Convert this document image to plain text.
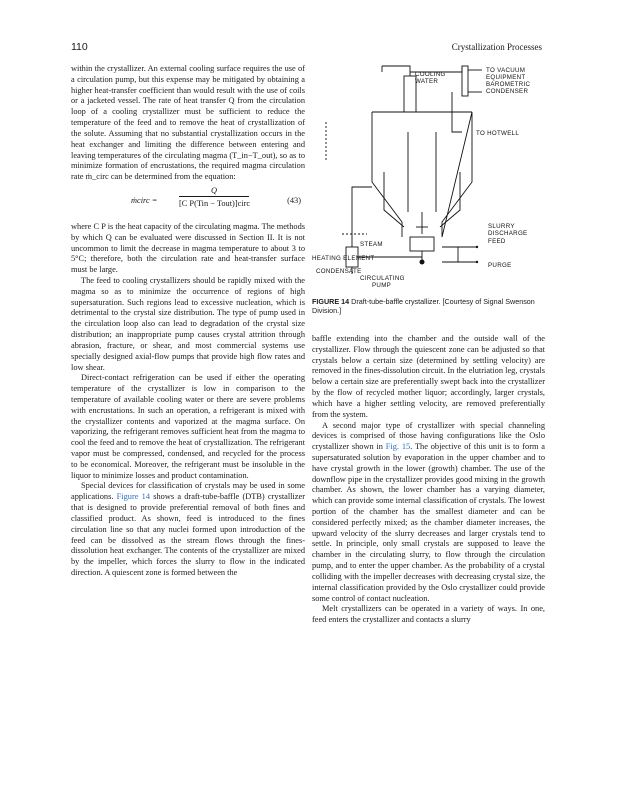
110	Crystallization Processes

within the crystallizer. An external cooling surface requires the use of a circulation pump, but this expense may be mitigated by obtaining a higher heat-transfer coefficient than would result with the use of coils or a jacketed vessel. The rate of heat transfer Q from the circulation loop of a cooling crystallizer must be sufficient to reduce the temperature of the feed and to remove the heat of crystallization of the solute. Assuming that no substantial crystallization occurs in the heat exchanger and limiting the difference between entering and leaving temperatures of the circulating magma (T_in−T_out), so as to minimize formation of encrustations, the required magma circulation rate ṁ_circ can be determined from the equation:

ṁcirc =
Q
[C P(Tin − Tout)]circ	(43)

where C P is the heat capacity of the circulating magma. The methods by which Q can be evaluated were discussed in Section II. It is not uncommon to limit the decrease in magma temperature to about 3 to 5°C; therefore, both the circulation rate and heat-transfer surface must be large.

The feed to cooling crystallizers should be rapidly mixed with the magma so as to minimize the occurrence of regions of high supersaturation. Such regions lead to excessive nucleation, which is detrimental to the crystal size distribution. The type of pump used in the circulation loop also can lead to degradation of the crystal size distribution; an inappropriate pump causes crystal attrition through abrasion, fracture, or shear, and most commercial systems use specially designed axial-flow pumps that provide high flow rates and low shear.

Direct-contact refrigeration can be used if either the operating temperature of the crystallizer is low in comparison to the temperature of available cooling water or there are severe problems with encrustations. In such an operation, a refrigerant is mixed with the crystallizer contents and vaporized at the magma surface. On vaporizing, the refrigerant removes sufficient heat from the magma to cool the feed and to remove the heat of crystallization. The refrigerant vapor must be compressed, condensed, and recycled for the process to be economical. Moreover, the refrigerant must be insoluble in the liquor to minimize losses and product contamination.

Special devices for classification of crystals may be used in some applications. Figure 14 shows a draft-tube-baffle (DTB) crystallizer that is designed to provide preferential removal of both fines and classified product. As shown, feed is introduced to the fines circulation line so that any nuclei formed upon introduction of the feed can be dissolved as the stream flows through the fines-dissolution heat exchanger. The contents of the crystallizer are mixed by the impeller, which forces the slurry to flow in the indicated direction. A quiescent zone is formed between the

COOLING WATER
TO VACUUM EQUIPMENT BAROMETRIC CONDENSER
TO HOTWELL
SLURRY DISCHARGE
FEED
STEAM
HEATING ELEMENT
PURGE
CONDENSATE
CIRCULATING PUMP
FIGURE 14 Draft-tube-baffle crystallizer. [Courtesy of Signal Swenson Division.]

baffle extending into the chamber and the outside wall of the crystallizer. Flow through the quiescent zone can be adjusted so that crystals below a certain size (determined by settling velocity) are removed in the fines-dissolution circuit. In the elutriation leg, crystals below a certain size are preferentially swept back into the crystallizer by the flow of recycled mother liquor; accordingly, larger crystals, which have a higher settling velocity, are removed preferentially from the system.

A second major type of crystallizer with special channeling devices is comprised of those having configurations like the Oslo crystallizer shown in Fig. 15. The objective of this unit is to form a supersaturated solution by evaporation in the upper chamber and to have crystal growth in the lower (growth) chamber. The use of the downflow pipe in the crystallizer provides good mixing in the growth chamber. As shown, the lower chamber has a varying diameter, which can provide some internal classification of crystals. The lowest portion of the chamber has the smallest diameter and can be considered perfectly mixed; as the chamber diameter increases, the upward velocity of the slurry decreases and larger crystals tend to settle. In principle, only small crystals are supposed to leave the chamber in the circulating slurry, to flow through the circulation pump, and to enter the upper chamber. As the probability of a crystal colliding with the impeller decreases with decreasing crystal size, the internal classification provided by the Oslo crystallizer could provide some control of contact nucleation.

Melt crystallizers can be operated in a variety of ways. In one, feed enters the crystallizer and contacts a slurry
